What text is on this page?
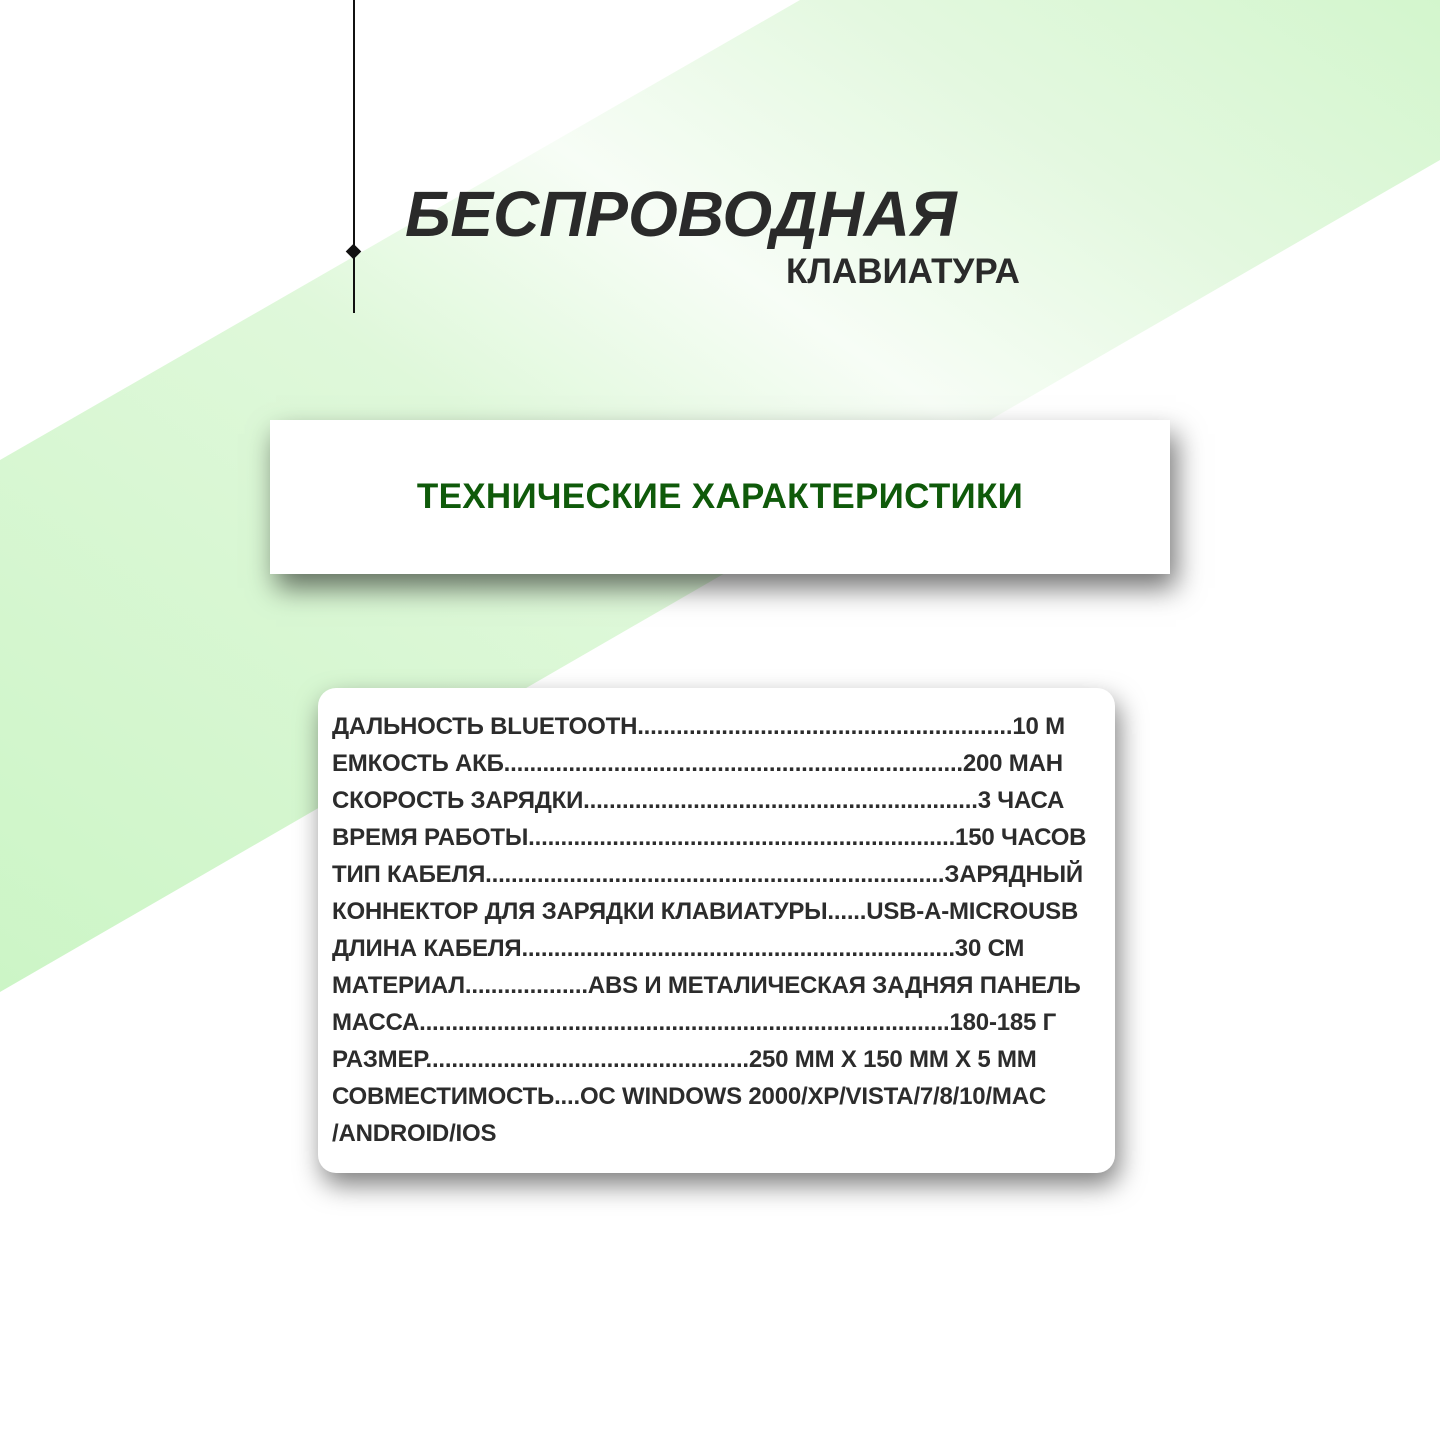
БЕСПРОВОДНАЯ
КЛАВИАТУРА
ТЕХНИЧЕСКИЕ ХАРАКТЕРИСТИКИ
ДАЛЬНОСТЬ BLUETOOTH..........................................................10 М
ЕМКОСТЬ АКБ.......................................................................200 МАН
СКОРОСТЬ ЗАРЯДКИ.............................................................3 ЧАСА
ВРЕМЯ РАБОТЫ..................................................................150 ЧАСОВ
ТИП КАБЕЛЯ.......................................................................ЗАРЯДНЫЙ
КОННЕКТОР ДЛЯ ЗАРЯДКИ КЛАВИАТУРЫ......USB-A-MICROUSB
ДЛИНА КАБЕЛЯ...................................................................30 СМ
МАТЕРИАЛ...................ABS И МЕТАЛИЧЕСКАЯ ЗАДНЯЯ ПАНЕЛЬ
МАССА..................................................................................180-185 Г
РАЗМЕР..................................................250 ММ X 150 ММ X 5 ММ
СОВМЕСТИМОСТЬ....ОС WINDOWS 2000/XP/VISTA/7/8/10/MAC
/ANDROID/IOS
